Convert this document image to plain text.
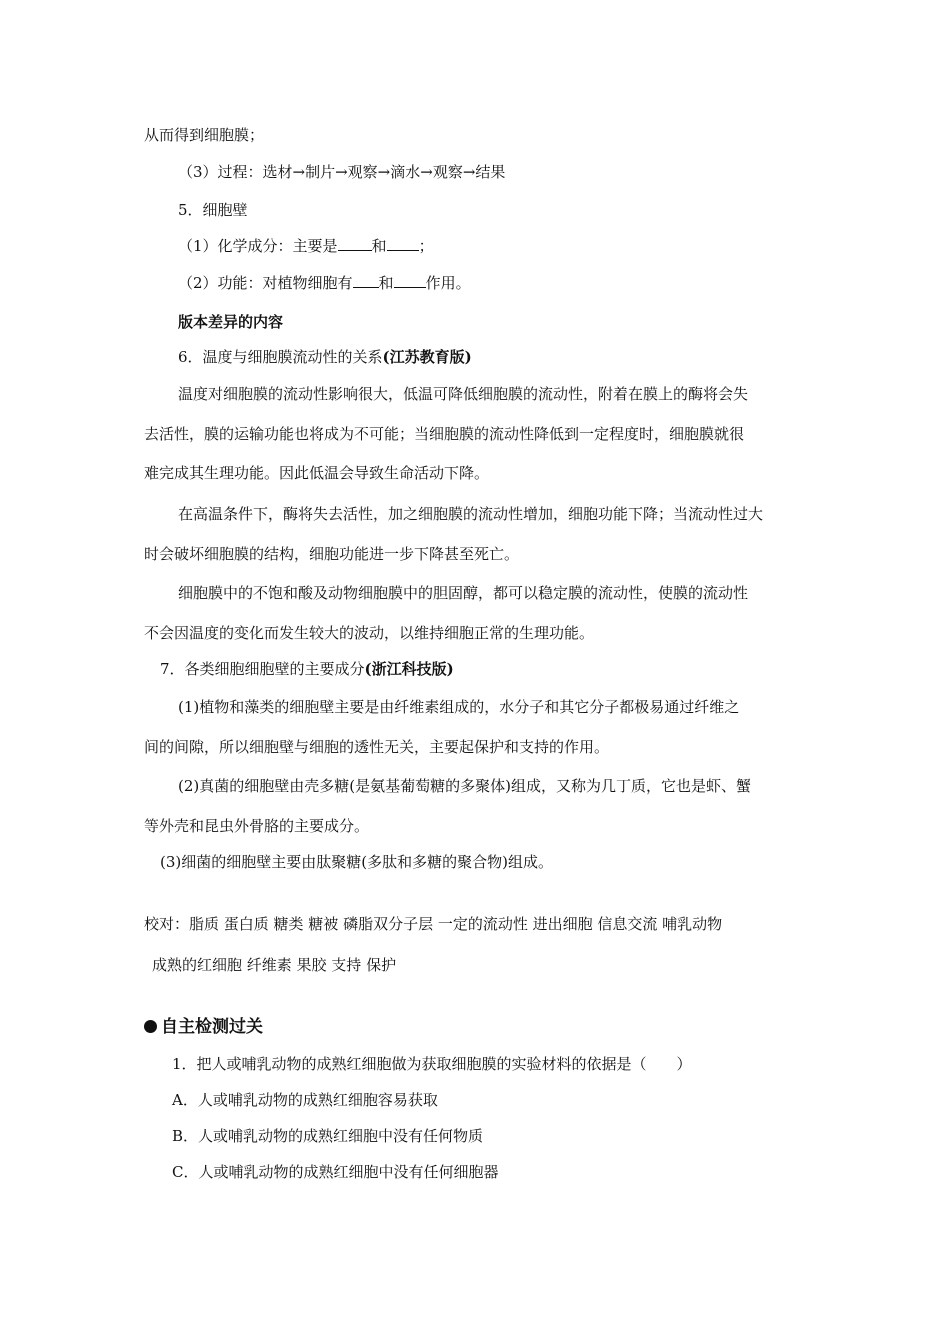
从而得到细胞膜；
（3）过程：选材→制片→观察→滴水→观察→结果
5．细胞壁
（1）化学成分：主要是 和 ；
（2）功能：对植物细胞有 和 作用。
版本差异的内容
6．温度与细胞膜流动性的关系(江苏教育版)
温度对细胞膜的流动性影响很大，低温可降低细胞膜的流动性，附着在膜上的酶将会失
去活性，膜的运输功能也将成为不可能；当细胞膜的流动性降低到一定程度时，细胞膜就很
难完成其生理功能。因此低温会导致生命活动下降。
在高温条件下，酶将失去活性，加之细胞膜的流动性增加，细胞功能下降；当流动性过大
时会破坏细胞膜的结构，细胞功能进一步下降甚至死亡。
细胞膜中的不饱和酸及动物细胞膜中的胆固醇，都可以稳定膜的流动性，使膜的流动性
不会因温度的变化而发生较大的波动，以维持细胞正常的生理功能。
7．各类细胞细胞壁的主要成分(浙江科技版)
(1)植物和藻类的细胞壁主要是由纤维素组成的，水分子和其它分子都极易通过纤维之
间的间隙，所以细胞壁与细胞的透性无关，主要起保护和支持的作用。
(2)真菌的细胞壁由壳多糖(是氨基葡萄糖的多聚体)组成，又称为几丁质，它也是虾、蟹
等外壳和昆虫外骨胳的主要成分。
(3)细菌的细胞壁主要由肽聚糖(多肽和多糖的聚合物)组成。
校对：脂质 蛋白质 糖类 糖被 磷脂双分子层 一定的流动性 进出细胞 信息交流 哺乳动物
成熟的红细胞 纤维素 果胶 支持 保护
自主检测过关
1．把人或哺乳动物的成熟红细胞做为获取细胞膜的实验材料的依据是（　　）
A．人或哺乳动物的成熟红细胞容易获取
B．人或哺乳动物的成熟红细胞中没有任何物质
C．人或哺乳动物的成熟红细胞中没有任何细胞器
